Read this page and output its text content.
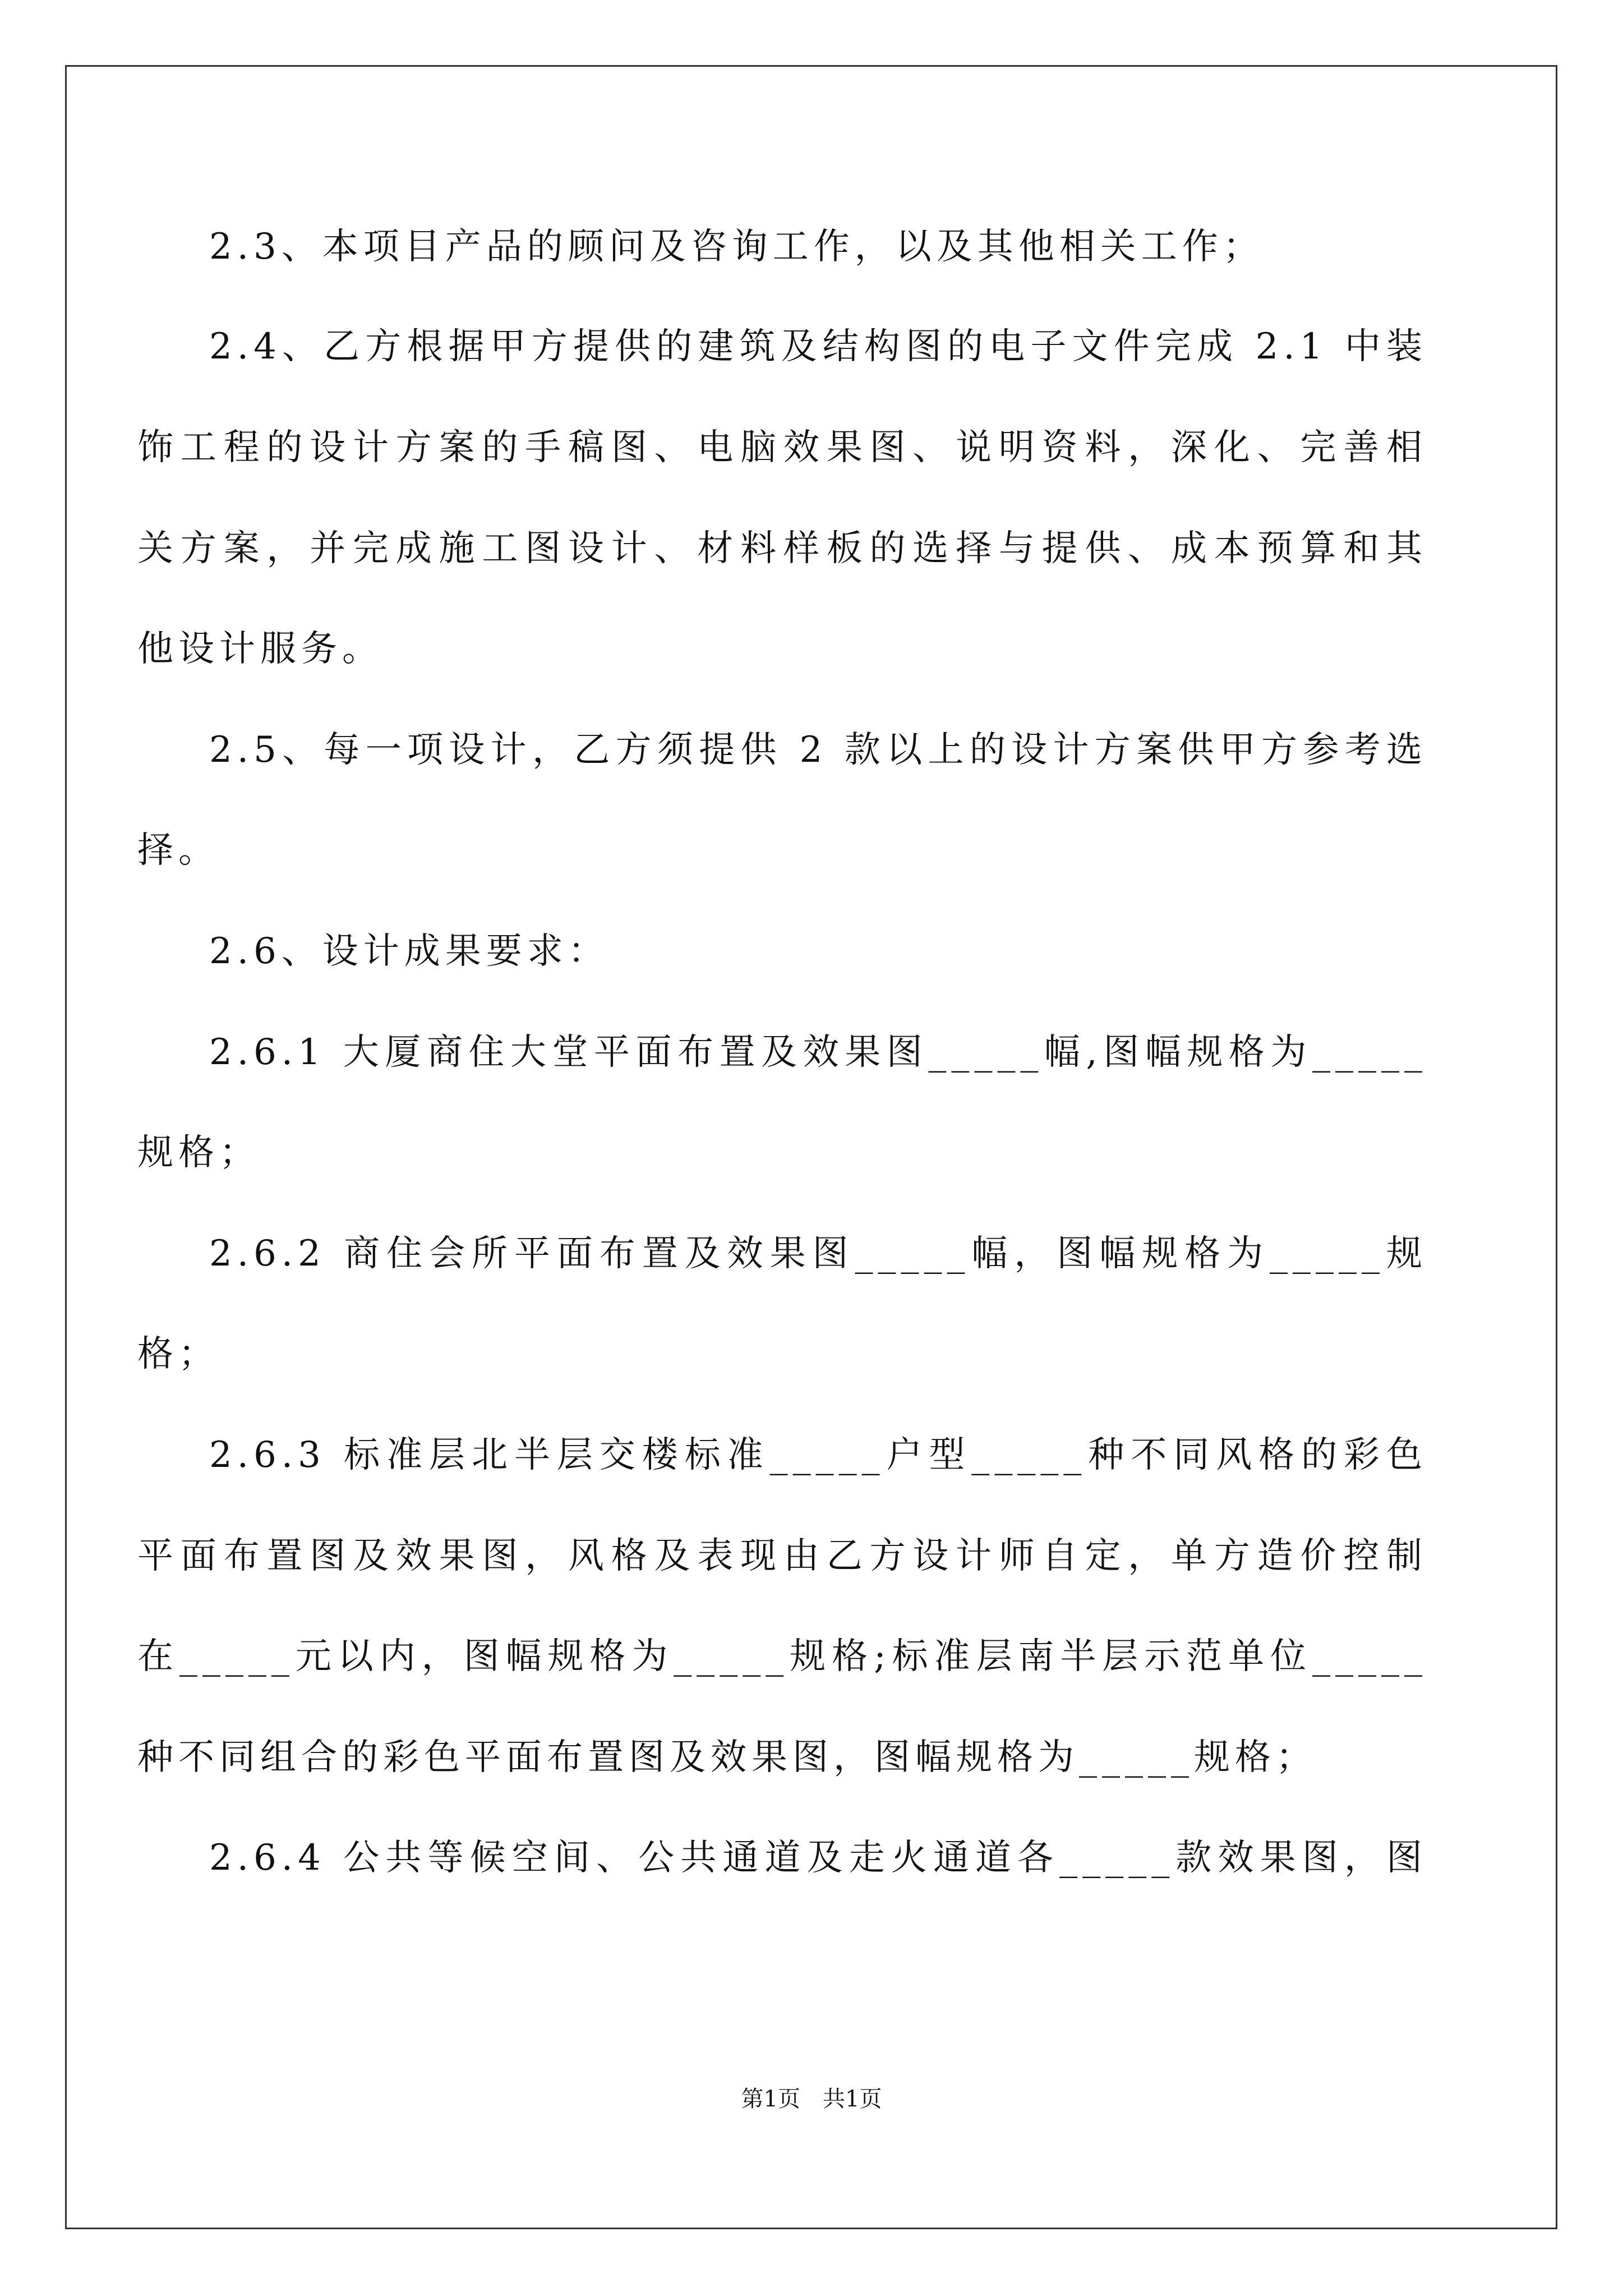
2.3、本项目产品的顾问及咨询工作，以及其他相关工作；
2.4、乙方根据甲方提供的建筑及结构图的电子文件完成 2.1 中装
饰工程的设计方案的手稿图、电脑效果图、说明资料，深化、完善相
关方案，并完成施工图设计、材料样板的选择与提供、成本预算和其
他设计服务。
2.5、每一项设计，乙方须提供 2 款以上的设计方案供甲方参考选
择。
2.6、设计成果要求：
2.6.1 大厦商住大堂平面布置及效果图_____幅,图幅规格为_____
规格；
2.6.2 商住会所平面布置及效果图_____幅，图幅规格为_____规
格；
2.6.3 标准层北半层交楼标准_____户型_____种不同风格的彩色
平面布置图及效果图，风格及表现由乙方设计师自定，单方造价控制
在_____元以内，图幅规格为_____规格;标准层南半层示范单位_____
种不同组合的彩色平面布置图及效果图，图幅规格为_____规格；
2.6.4 公共等候空间、公共通道及走火通道各_____款效果图，图
第1页　共1页
